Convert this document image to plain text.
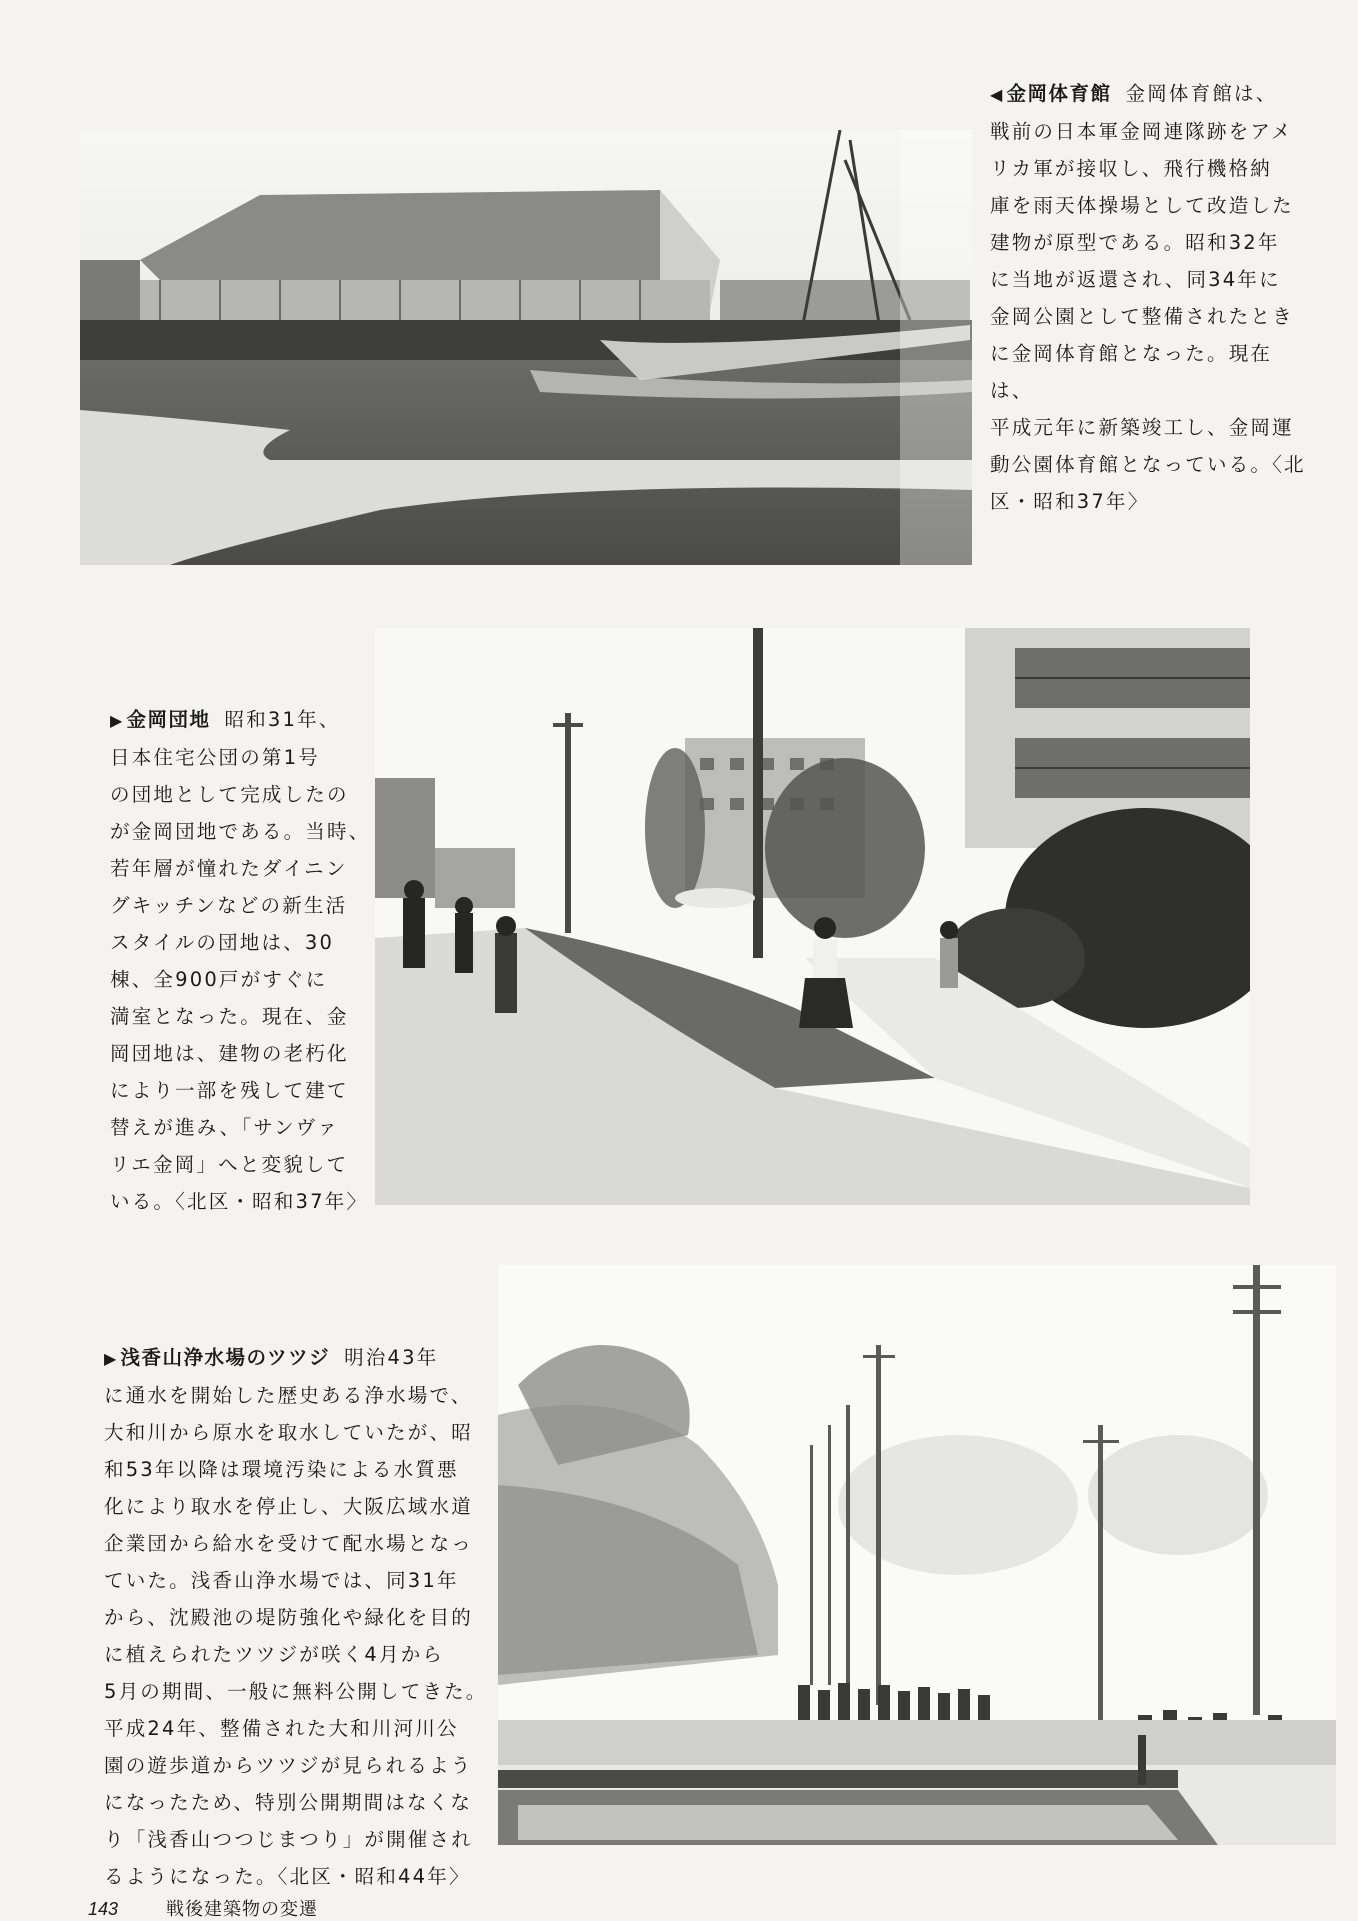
◀ 金岡体育館 金岡体育館は、
戦前の日本軍金岡連隊跡をアメ
リカ軍が接収し、飛行機格納
庫を雨天体操場として改造した
建物が原型である。昭和32年
に当地が返還され、同34年に
金岡公園として整備されたとき
に金岡体育館となった。現在は、
平成元年に新築竣工し、金岡運
動公園体育館となっている。〈北
区・昭和37年〉

▶ 金岡団地 昭和31年、
日本住宅公団の第1号
の団地として完成したの
が金岡団地である。当時、
若年層が憧れたダイニン
グキッチンなどの新生活
スタイルの団地は、30
棟、全900戸がすぐに
満室となった。現在、金
岡団地は、建物の老朽化
により一部を残して建て
替えが進み、「サンヴァ
リエ金岡」へと変貌して
いる。〈北区・昭和37年〉

▶ 浅香山浄水場のツツジ 明治43年
に通水を開始した歴史ある浄水場で、
大和川から原水を取水していたが、昭
和53年以降は環境汚染による水質悪
化により取水を停止し、大阪広域水道
企業団から給水を受けて配水場となっ
ていた。浅香山浄水場では、同31年
から、沈殿池の堤防強化や緑化を目的
に植えられたツツジが咲く4月から
5月の期間、一般に無料公開してきた。
平成24年、整備された大和川河川公
園の遊歩道からツツジが見られるよう
になったため、特別公開期間はなくな
り「浅香山つつじまつり」が開催され
るようになった。〈北区・昭和44年〉

143	戦後建築物の変遷
